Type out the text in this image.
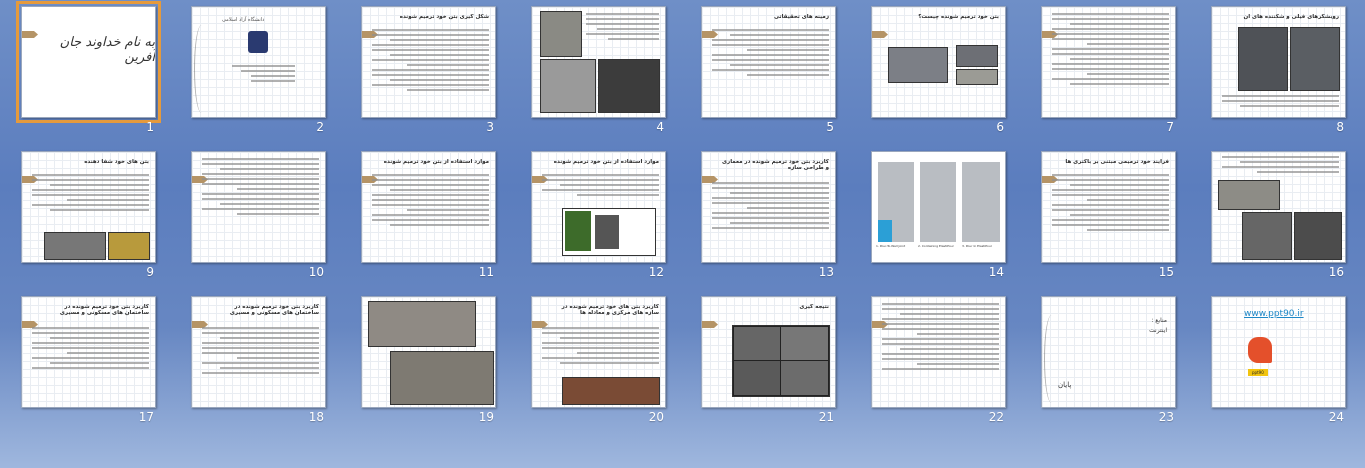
به نام خداوند جان آفرین
1
دانشگاه آزاد اسلامی
2
شکل گیری بتن خود ترمیم شونده
3	4
زمینه های تحقیقاتی
5
بتن خود ترمیم شونده چیست؟
6	7
روبشگرهای فیلی و شکننده های آن
8
بتن های خود شفا دهنده
9	10
موارد استفاده از بتن خود ترمیم شونده
11
موارد استفاده از بتن خود ترمیم شونده
12
کاربرد بتن خود ترمیم شونده در معماری و طراحی سازه
13
1. Pour-To-Wall Joint	2. Containing ElastiPour	3. Pour In ElastiPour
14
فرآیند خود ترمیمی مبتنی بر باکتری ها
15	16
کاربرد بتن خود ترمیم شونده در ساختمان های مسکونی و مسیری
17
کاربرد بتن خود ترمیم شونده در ساختمان های مسکونی و مسیری
18	19
کاربرد بتن های خود ترمیم شونده در سازه های مرکزی و معادله ها
20
نتیجه گیری
21	22
منابع :
اینترنت
پایان
23
www.ppt90.ir
ppt90
24
